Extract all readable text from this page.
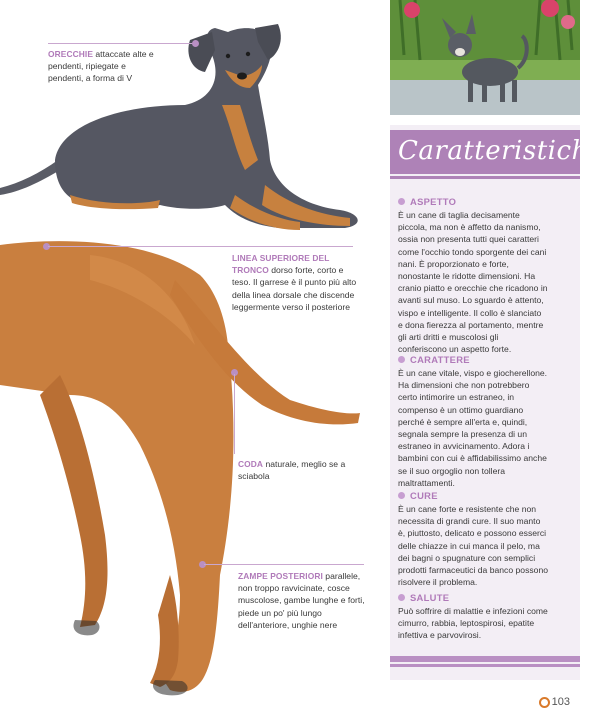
ORECCHIE attaccate alte e pendenti, ripiegate e pendenti, a forma di V
LINEA SUPERIORE DEL TRONCO dorso forte, corto e teso. Il garrese è il punto più alto della linea dorsale che discende leggermente verso il posteriore
CODA naturale, meglio se a sciabola
ZAMPE POSTERIORI parallele, non troppo ravvicinate, cosce muscolose, gambe lunghe e forti, piede un po' più lungo dell'anteriore, unghie nere
Caratteristiche
ASPETTO
È un cane di taglia decisamente piccola, ma non è affetto da nanismo, ossia non presenta tutti quei caratteri come l'occhio tondo sporgente dei cani nani. È proporzionato e forte, nonostante le ridotte dimensioni. Ha cranio piatto e orecchie che ricadono in avanti sul muso. Lo sguardo è attento, vispo e intelligente. Il collo è slanciato e dona fierezza al portamento, mentre gli arti dritti e muscolosi gli conferiscono un aspetto forte.
CARATTERE
È un cane vitale, vispo e giocherellone. Ha dimensioni che non potrebbero certo intimorire un estraneo, in compenso è un ottimo guardiano perché è sempre all'erta e, quindi, segnala sempre la presenza di un estraneo in avvicinamento. Adora i bambini con cui è affidabilissimo anche se il suo orgoglio non tollera maltrattamenti.
CURE
È un cane forte e resistente che non necessita di grandi cure. Il suo manto è, piuttosto, delicato e possono esserci delle chiazze in cui manca il pelo, ma dei bagni o spugnature con semplici prodotti farmaceutici da banco possono risolvere il problema.
SALUTE
Può soffrire di malattie e infezioni come cimurro, rabbia, leptospirosi, epatite infettiva e parvovirosi.
103
